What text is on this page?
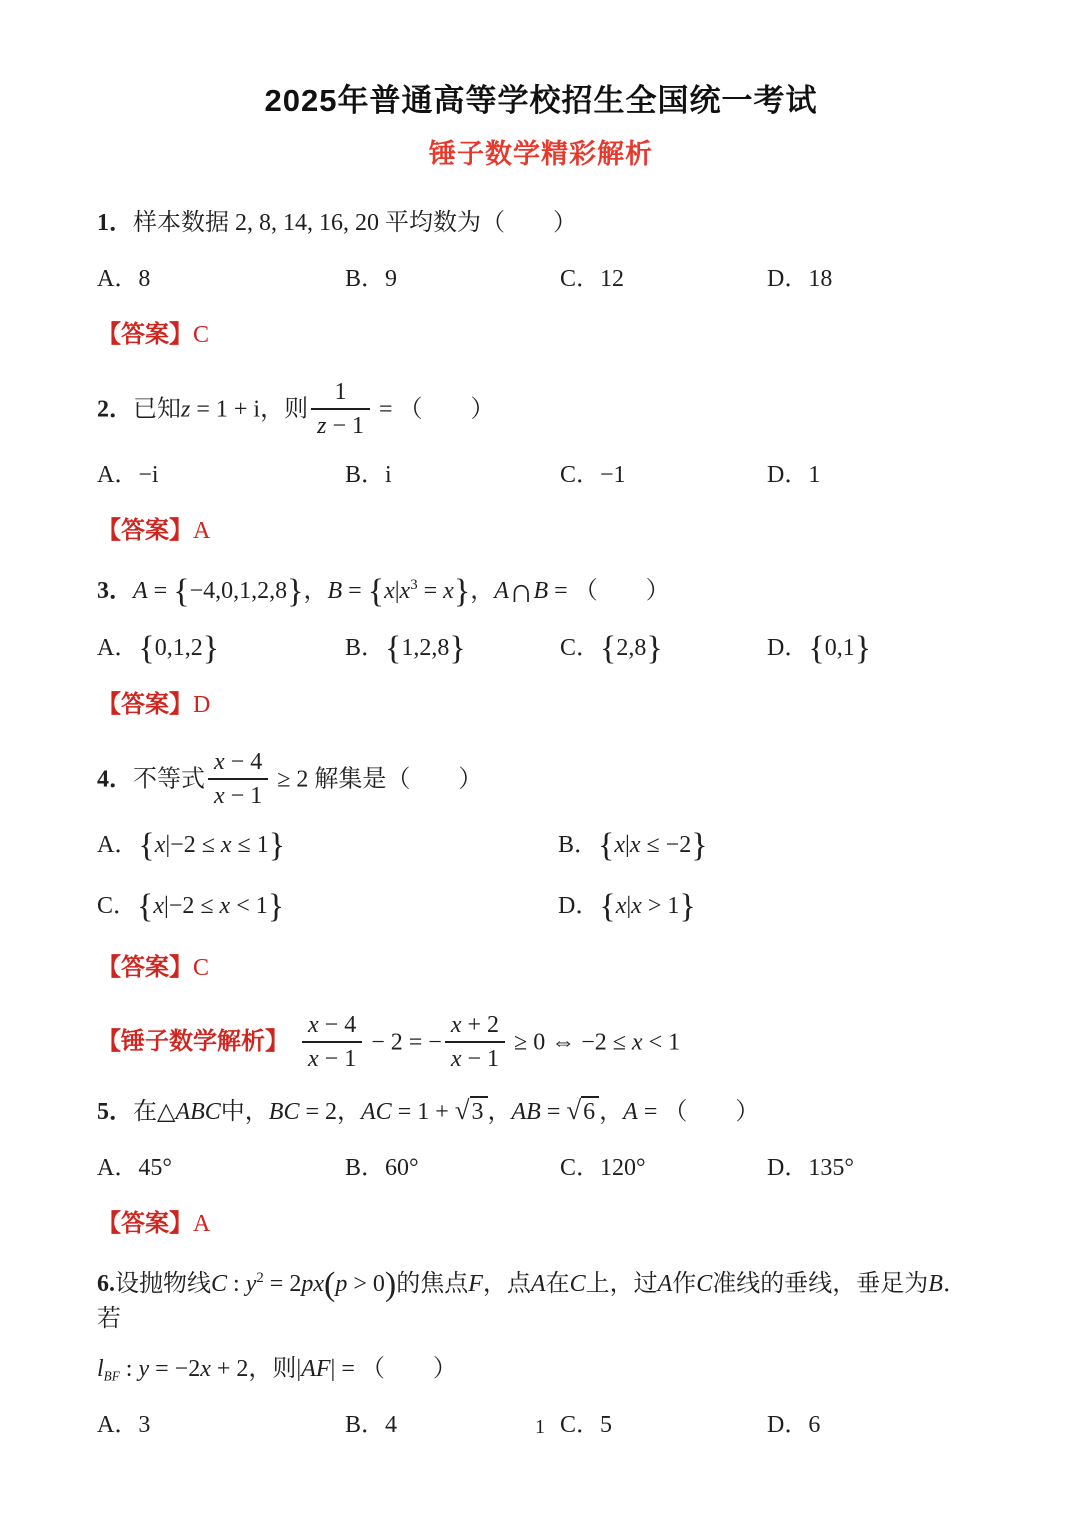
2025年普通高等学校招生全国统一考试
锤子数学精彩解析
1．样本数据 2, 8, 14, 16, 20 平均数为（　　）
A．8	B．9	C．12	D．18
【答案】C
2．已知z = 1 + i，则 $\frac{1}{z - 1}$ = （　　）
A．−i	B．i	C．−1	D．1
【答案】A
3．A = {−4,0,1,2,8}，$B = \{x|x^3 = x\}$，A∩B = （　　）
A．{0,1,2}	B．{1,2,8}	C．{2,8}	D．{0,1}
【答案】D
4．不等式 $\frac{x - 4}{x - 1} \ge 2$ 解集是（　　）
A．{x|−2 ≤ x ≤ 1}	B．{x|x ≤ −2}
C．{x|−2 ≤ x < 1}	D．{x|x > 1}
【答案】C
【锤子数学解析】 $\frac{x - 4}{x - 1} - 2$ = − $\frac{x + 2}{x - 1} \ge 0$ ⇔ −2 ≤ x < 1
5．在△ABC中，BC = 2，AC = 1 + √3 ，AB = √6 ，A = （　　）
A．45°	B．60°	C．120°	D．135°
【答案】A
6.设抛物线C : $y^2 = 2px(p > 0)$的焦点F，点A在C上，过A作C准线的垂线，垂足为B．若
$l_{BF}$ : y = −2x + 2，则|AF| = （　　）
A．3	B．4	C．5	D．6
1
